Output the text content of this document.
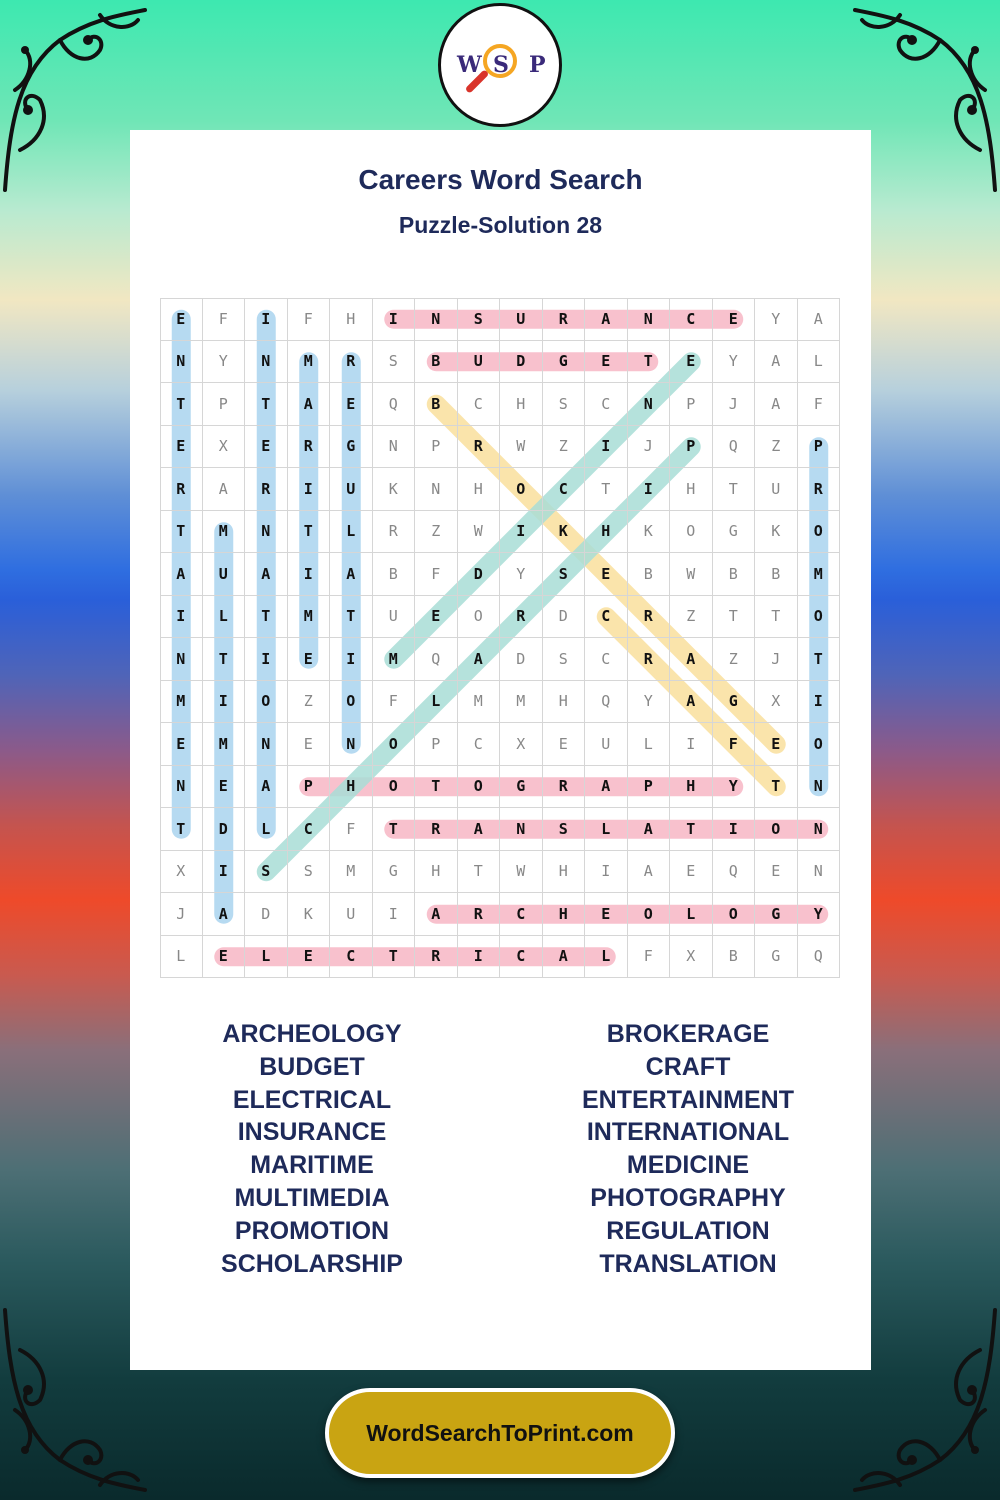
W S P
Careers Word Search
Puzzle-Solution 28
E	F	I	F	H	I	N	S	U	R	A	N	C	E	Y	A
N	Y	N	M	R	S	B	U	D	G	E	T	E	Y	A	L
T	P	T	A	E	Q	B	C	H	S	C	N	P	J	A	F
E	X	E	R	G	N	P	R	W	Z	I	J	P	Q	Z	P
R	A	R	I	U	K	N	H	O	C	T	I	H	T	U	R
T	M	N	T	L	R	Z	W	I	K	H	K	O	G	K	O
A	U	A	I	A	B	F	D	Y	S	E	B	W	B	B	M
I	L	T	M	T	U	E	O	R	D	C	R	Z	T	T	O
N	T	I	E	I	M	Q	A	D	S	C	R	A	Z	J	T
M	I	O	Z	O	F	L	M	M	H	Q	Y	A	G	X	I
E	M	N	E	N	O	P	C	X	E	U	L	I	F	E	O
N	E	A	P	H	O	T	O	G	R	A	P	H	Y	T	N
T	D	L	C	F	T	R	A	N	S	L	A	T	I	O	N
X	I	S	S	M	G	H	T	W	H	I	A	E	Q	E	N
J	A	D	K	U	I	A	R	C	H	E	O	L	O	G	Y
L	E	L	E	C	T	R	I	C	A	L	F	X	B	G	Q
ARCHEOLOGY
BUDGET
ELECTRICAL
INSURANCE
MARITIME
MULTIMEDIA
PROMOTION
SCHOLARSHIP
BROKERAGE
CRAFT
ENTERTAINMENT
INTERNATIONAL
MEDICINE
PHOTOGRAPHY
REGULATION
TRANSLATION
WordSearchToPrint.com
